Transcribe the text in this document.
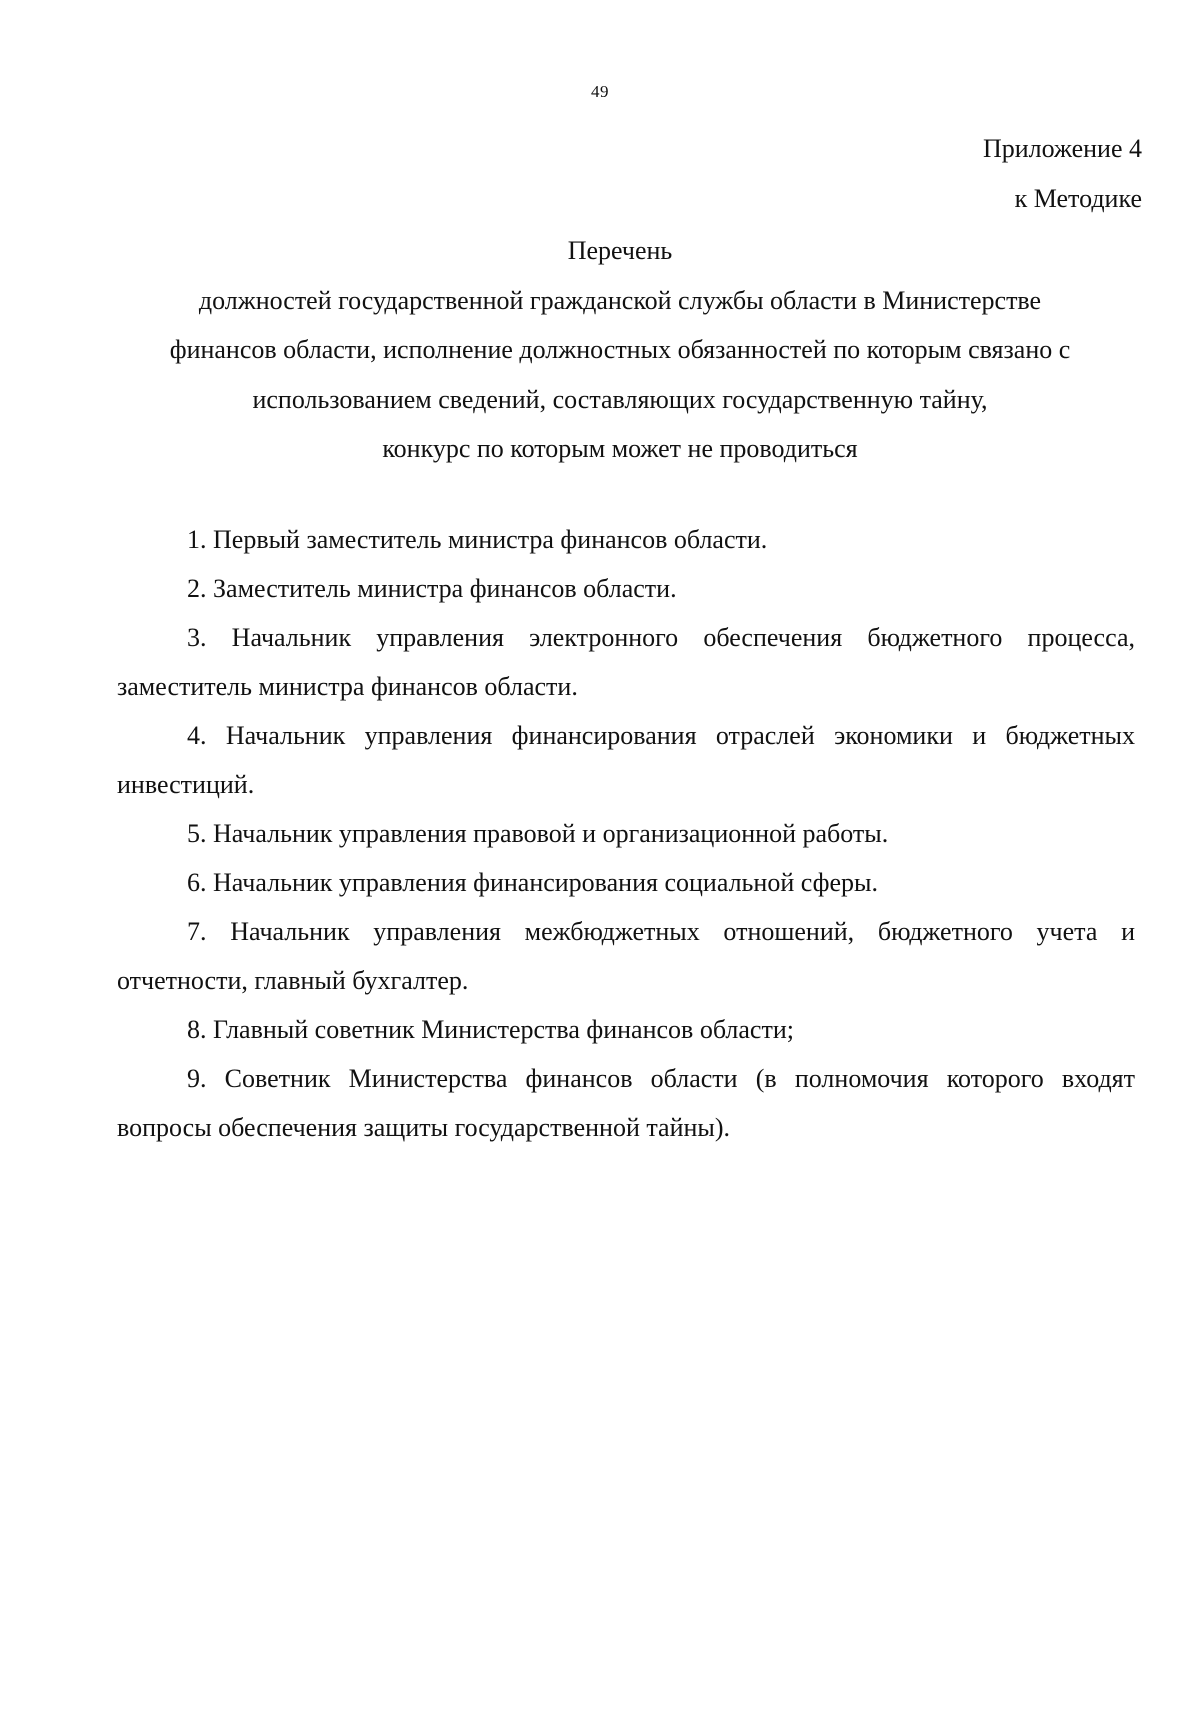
49
Приложение 4
к Методике
Перечень
должностей государственной гражданской службы области в Министерстве
финансов области, исполнение должностных обязанностей по которым связано с
использованием сведений, составляющих государственную тайну,
конкурс по которым может не проводиться

1. Первый заместитель министра финансов области.

2. Заместитель министра финансов области.

3. Начальник управления электронного обеспечения бюджетного процесса, заместитель министра финансов области.

4. Начальник управления финансирования отраслей экономики и бюджетных инвестиций.

5. Начальник управления правовой и организационной работы.

6. Начальник управления финансирования социальной сферы.

7. Начальник управления межбюджетных отношений, бюджетного учета и отчетности, главный бухгалтер.

8. Главный советник Министерства финансов области;

9. Советник Министерства финансов области (в полномочия которого входят вопросы обеспечения защиты государственной тайны).
